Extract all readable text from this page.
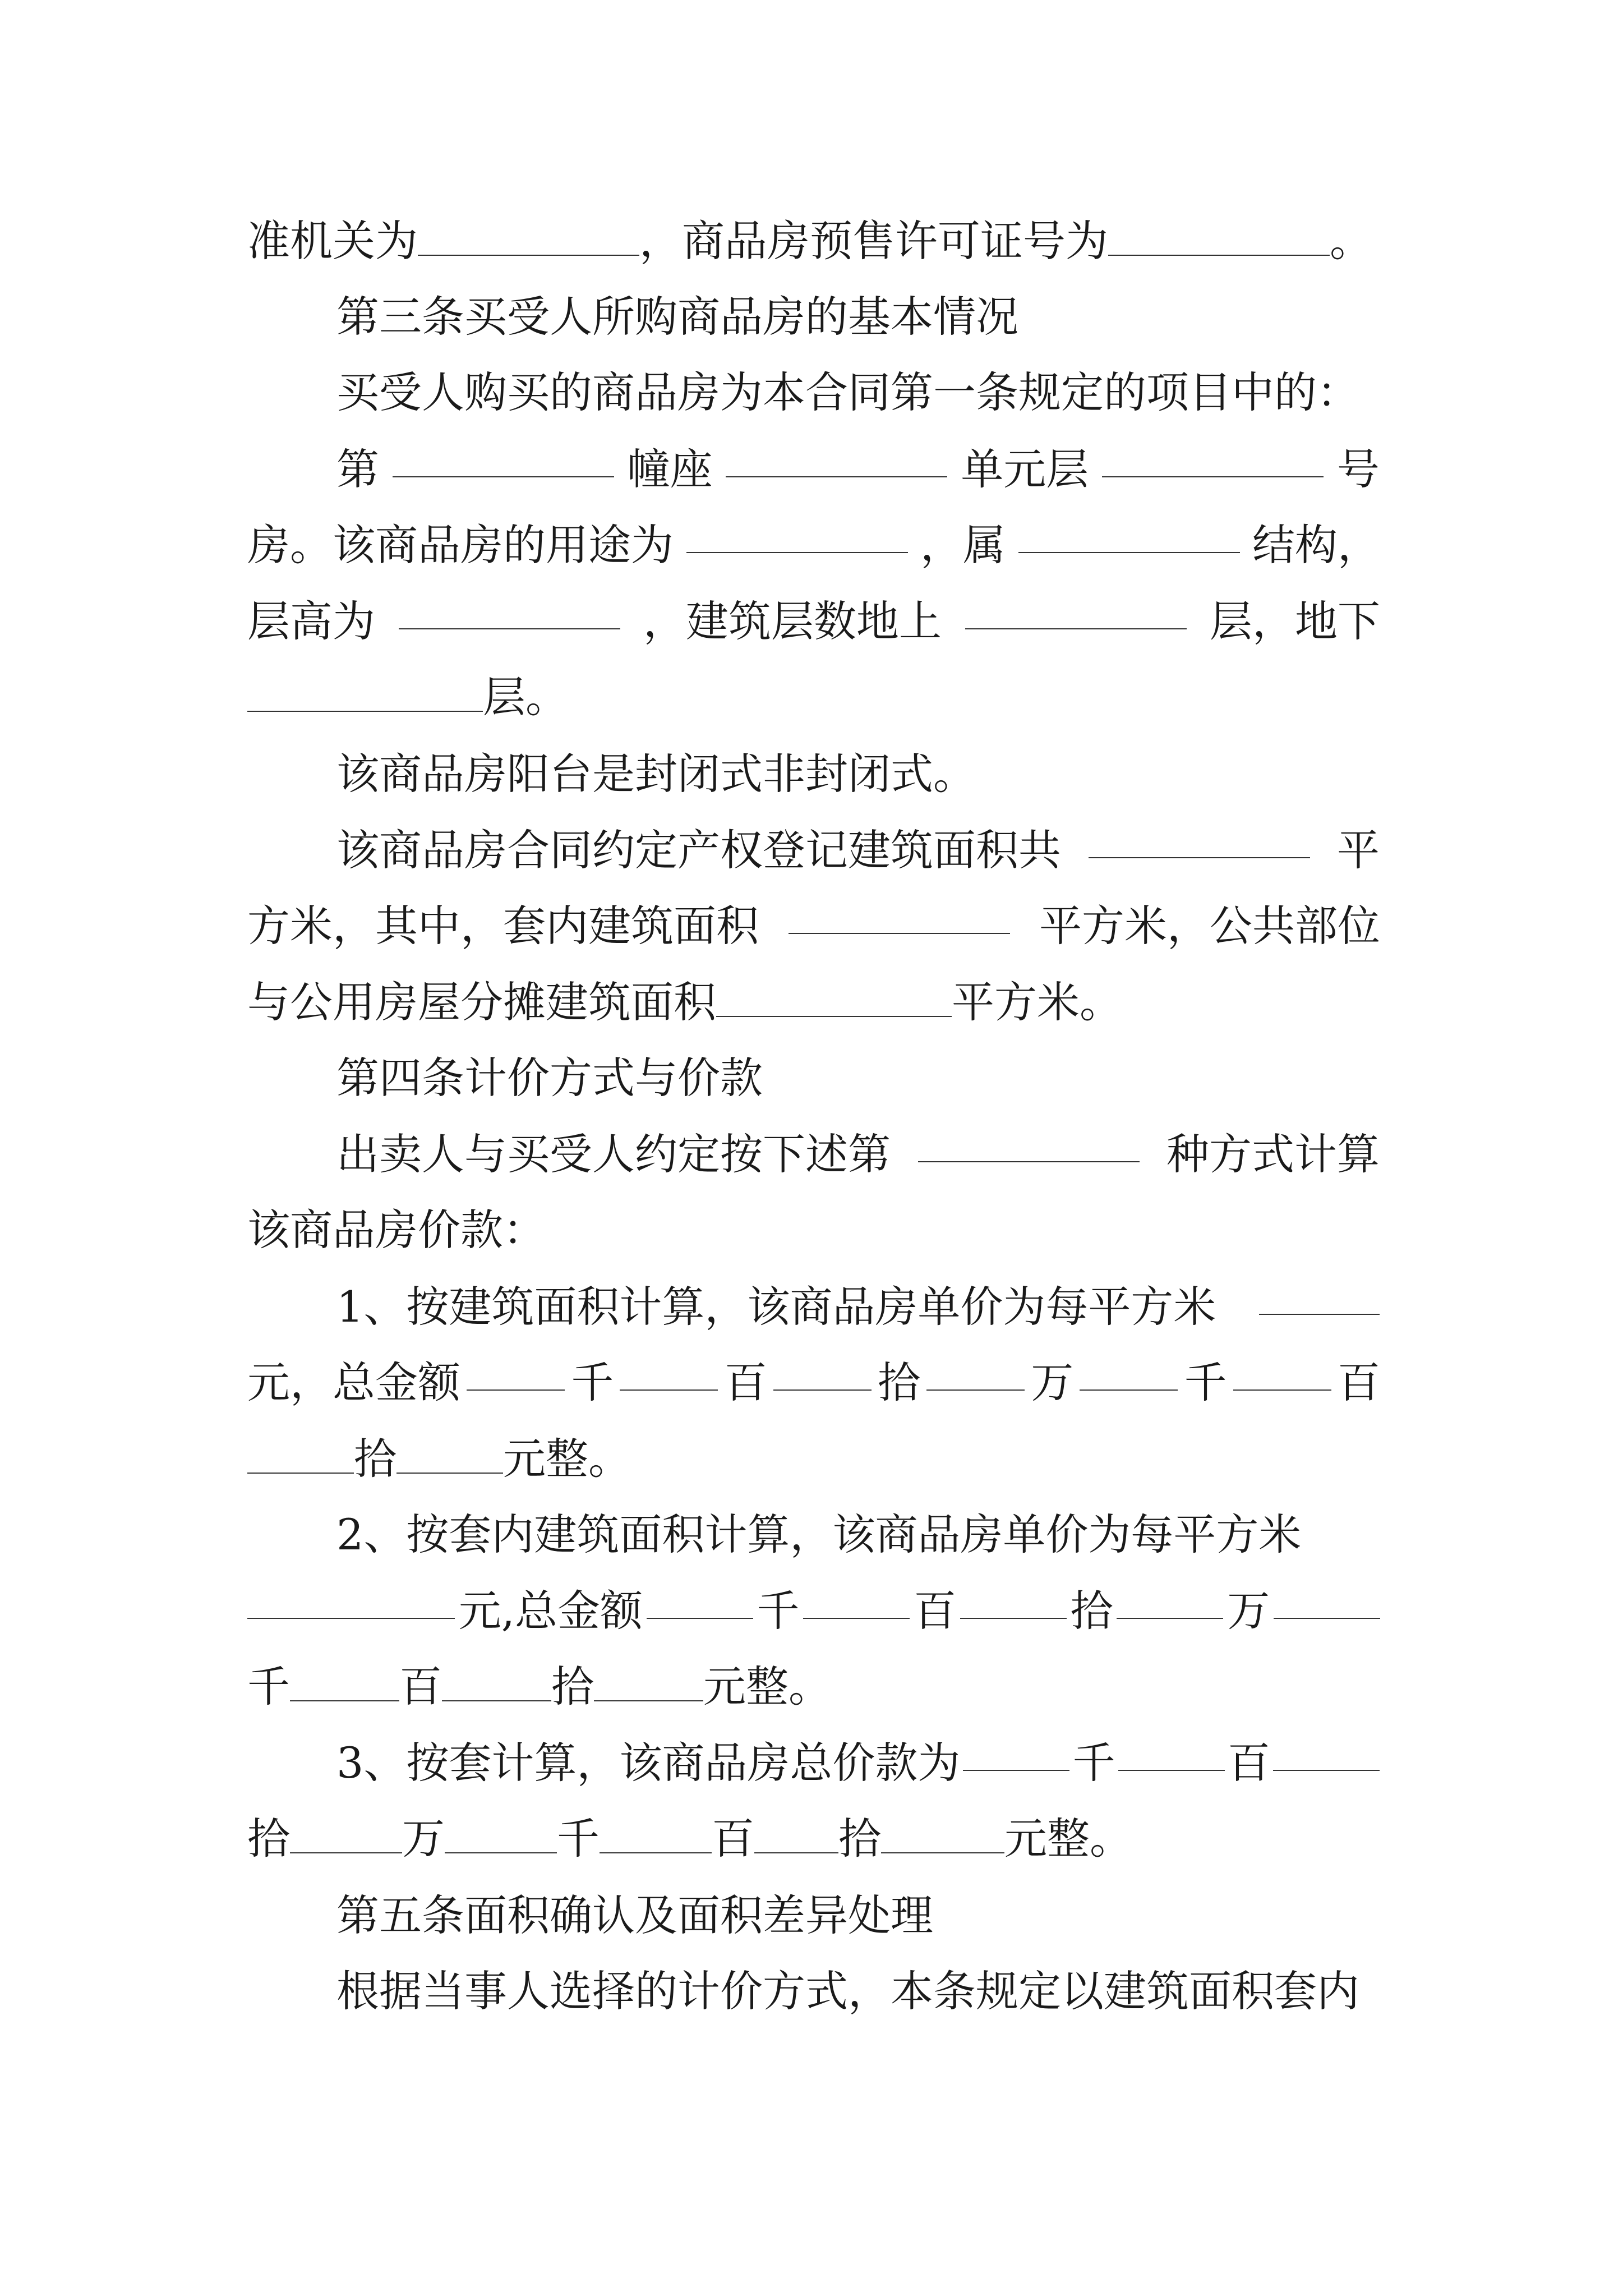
准机关为	，商品房预售许可证号为	。
第三条买受人所购商品房的基本情况
买受人购买的商品房为本合同第一条规定的项目中的：
第	幢座	单元层	号
房。该商品房的用途为	，属	结构，
层高为	，建筑层数地上	层，地下
层。
该商品房阳台是封闭式非封闭式。
该商品房合同约定产权登记建筑面积共	平
方米，其中，套内建筑面积	平方米，公共部位
与公用房屋分摊建筑面积	平方米。
第四条计价方式与价款
出卖人与买受人约定按下述第	种方式计算
该商品房价款：
1、按建筑面积计算，该商品房单价为每平方米
元，总金额	千	百	拾	万	千	百
拾	元整。
2、按套内建筑面积计算，该商品房单价为每平方米
元,总金额	千	百	拾	万
千	百	拾	元整。
3、按套计算，该商品房总价款为	千	百
拾	万	千	百 拾	元整。
第五条面积确认及面积差异处理
根据当事人选择的计价方式，本条规定以建筑面积套内
